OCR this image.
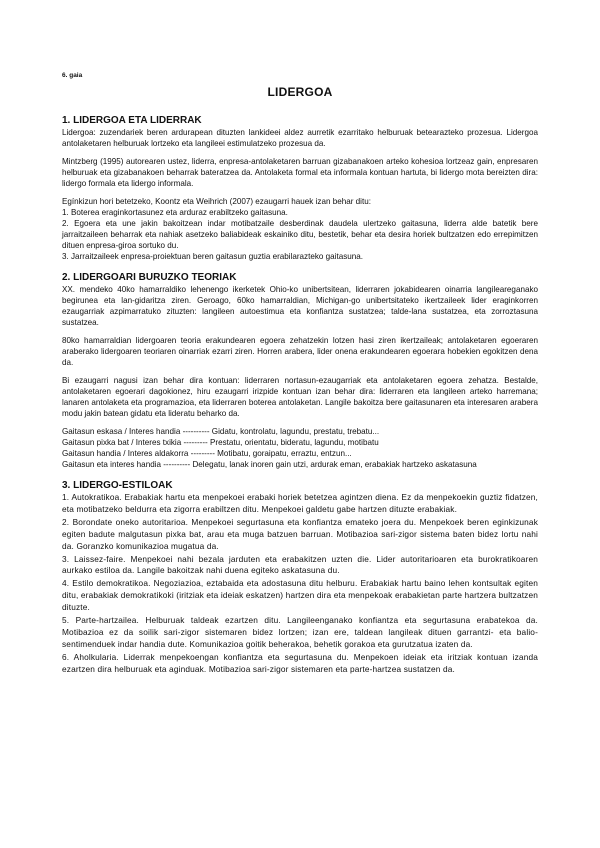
6. gaia
LIDERGOA
1. LIDERGOA ETA LIDERRAK

Lidergoa: zuzendariek beren ardurapean dituzten lankideei aldez aurretik ezarritako helburuak betearazteko prozesua. Lidergoa antolaketaren helburuak lortzeko eta langileei estimulatzeko prozesua da.

Mintzberg (1995) autorearen ustez, liderra, enpresa-antolaketaren barruan gizabanakoen arteko kohesioa lortzeaz gain, enpresaren helburuak eta gizabanakoen beharrak bateratzea da. Antolaketa formal eta informala kontuan hartuta, bi lidergo mota bereizten dira: lidergo formala eta lidergo informala.

Egínkizun hori betetzeko, Koontz eta Weihrich (2007) ezaugarri hauek izan behar ditu:

1. Boterea eraginkortasunez eta arduraz erabiltzeko gaitasuna.

2. Egoera eta une jakin bakoitzean indar motibatzaile desberdinak daudela ulertzeko gaitasuna, liderra alde batetik bere jarraitzaileen beharrak eta nahiak asetzeko baliabideak eskainiko ditu, bestetik, behar eta desira horiek bultzatzen edo errepimitzen dituen enpresa-giroa sortuko du.

3. Jarraitzaileek enpresa-proiektuan beren gaitasun guztia erabilarazteko gaitasuna.

2. LIDERGOARI BURUZKO TEORIAK

XX. mendeko 40ko hamarraldiko lehenengo ikerketek Ohio-ko unibertsitean, liderraren jokabidearen oinarria langileareganako begirunea eta lan-gidaritza ziren. Geroago, 60ko hamarraldian, Michigan-go unibertsitateko ikertzaileek lider eraginkorren ezaugarriak azpimarratuko zituzten: langileen autoestimua eta konfiantza sustatzea; talde-lana sustatzea, eta zorroztasuna sustatzea.

80ko hamarraldian lidergoaren teoria erakundearen egoera zehatzekin lotzen hasi ziren ikertzaileak; antolaketaren egoeraren araberako lidergoaren teoriaren oinarriak ezarri ziren. Horren arabera, lider onena erakundearen egoerara hobekien egokitzen dena da.

Bi ezaugarri nagusi izan behar dira kontuan: liderraren nortasun-ezaugarriak eta antolaketaren egoera zehatza. Bestalde, antolaketaren egoerari dagokionez, hiru ezaugarri irizpide kontuan izan behar dira: liderraren eta langileen arteko harremana; lanaren antolaketa eta programazioa, eta liderraren boterea antolaketan. Langile bakoitza bere gaitasunaren eta interesaren arabera modu jakin batean gidatu eta lideratu beharko da.

Gaitasun eskasa / Interes handia ---------- Gidatu, kontrolatu, lagundu, prestatu, trebatu...

Gaitasun pixka bat / Interes txikia --------- Prestatu, orientatu, bideratu, lagundu, motibatu

Gaitasun handia / Interes aldakorra --------- Motibatu, goraipatu, erraztu, entzun...

Gaitasun eta interes handia ---------- Delegatu, lanak inoren gain utzi, ardurak eman, erabakiak hartzeko askatasuna

3. LIDERGO-ESTILOAK

1. Autokratikoa. Erabakiak hartu eta menpekoei erabaki horiek betetzea agintzen diena. Ez da menpekoekin guztiz fidatzen, eta motibatzeko beldurra eta zigorra erabiltzen ditu. Menpekoei galdetu gabe hartzen dituzte erabakiak.

2. Borondate oneko autoritarioa. Menpekoei segurtasuna eta konfiantza emateko joera du. Menpekoek beren eginkizunak egiten badute malgutasun pixka bat, arau eta muga batzuen barruan. Motibazioa sari-zigor sistema baten bidez lortu nahi da. Goranzko komunikazioa mugatua da.

3. Laissez-faire. Menpekoei nahi bezala jarduten eta erabakitzen uzten die. Lider autoritarioaren eta burokratikoaren aurkako estiloa da. Langile bakoitzak nahi duena egiteko askatasuna du.

4. Estilo demokratikoa. Negoziazioa, eztabaida eta adostasuna ditu helburu. Erabakiak hartu baino lehen kontsultak egiten ditu, erabakiak demokratikoki (iritziak eta ideiak eskatzen) hartzen dira eta menpekoak erabakietan parte hartzera bultzatzen dituzte.

5. Parte-hartzailea. Helburuak taldeak ezartzen ditu. Langileenganako konfiantza eta segurtasuna erabatekoa da. Motibazioa ez da soilik sari-zigor sistemaren bidez lortzen; izan ere, taldean langileak dituen garrantzi- eta balio-sentimenduek indar handia dute. Komunikazioa goitik beherakoa, behetik gorakoa eta gurutzatua izaten da.

6. Aholkularia. Liderrak menpekoengan konfiantza eta segurtasuna du. Menpekoen ideiak eta iritziak kontuan izanda ezartzen dira helburuak eta aginduak. Motibazioa sari-zigor sistemaren eta parte-hartzea sustatzen da.
